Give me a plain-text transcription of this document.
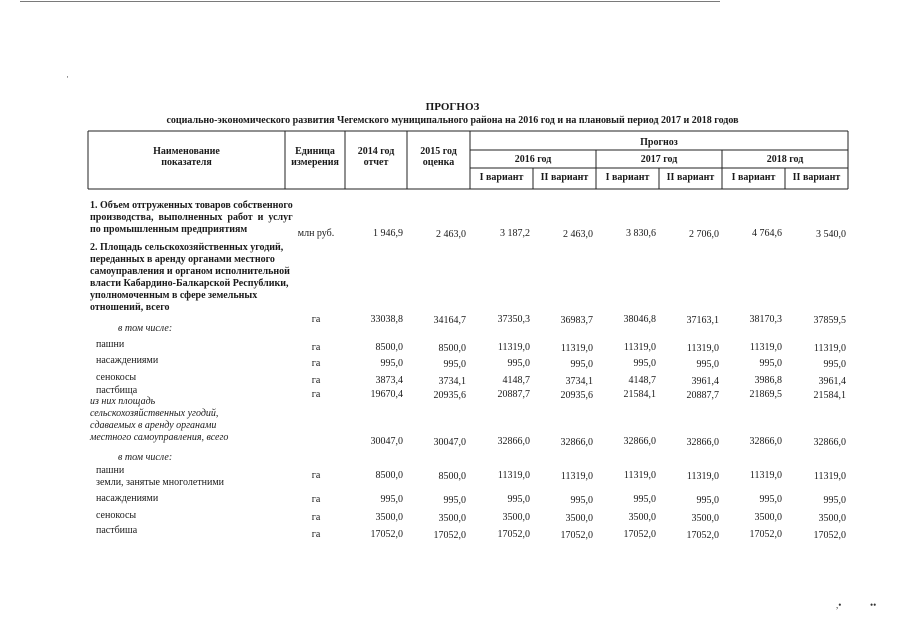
·
,•	••
ПРОГНОЗ
социально-экономического развития Чегемского муниципального района на 2016 год и на плановый период 2017 и 2018 годов
Наименование
показателя
Единица
измерения
2014 год
отчет
2015 год
оценка
Прогноз
2016 год	2017 год	2018 год
I вариант	II вариант	I вариант	II вариант	I вариант	II вариант
1. Объем отгруженных товаров собственного
производства,  выполненных  работ  и  услуг
по промышленным предприятиям	млн руб.	1 946,9	2 463,0	3 187,2	2 463,0	3 830,6	2 706,0	4 764,6	3 540,0
2. Площадь сельскохозяйственных угодий,
переданных в аренду органами местного
самоуправления и органом исполнительной
власти Кабардино-Балкарской Республики,
уполномоченным в сфере земельных
отношений, всего
га	33038,8	34164,7	37350,3	36983,7	38046,8	37163,1	38170,3	37859,5
в том числе:
пашни	га	8500,0	8500,0	11319,0	11319,0	11319,0	11319,0	11319,0	11319,0
насаждениями	га	995,0	995,0	995,0	995,0	995,0	995,0	995,0	995,0
сенокосы	га	3873,4	3734,1	4148,7	3734,1	4148,7	3961,4	3986,8	3961,4
пастбища	га	19670,4	20935,6	20887,7	20935,6	21584,1	20887,7	21869,5	21584,1
из них площадь
сельскохозяйственных угодий,
сдаваемых в аренду органами
местного самоуправления, всего	30047,0	30047,0	32866,0	32866,0	32866,0	32866,0	32866,0	32866,0
в том числе:
пашни
земли, занятые многолетними
га	8500,0	8500,0	11319,0	11319,0	11319,0	11319,0	11319,0	11319,0
насаждениями	га	995,0	995,0	995,0	995,0	995,0	995,0	995,0	995,0
сенокосы	га	3500,0	3500,0	3500,0	3500,0	3500,0	3500,0	3500,0	3500,0
пастбиша	га	17052,0	17052,0	17052,0	17052,0	17052,0	17052,0	17052,0	17052,0
